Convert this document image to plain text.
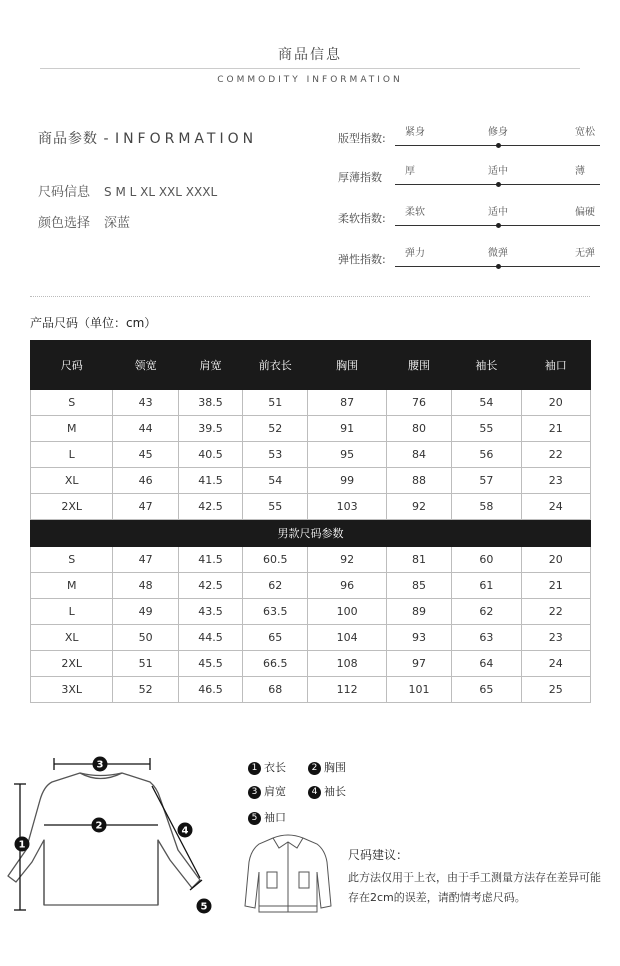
商品信息
COMMODITY INFORMATION
商品参数 - INFORMATION
尺码信息 S M L XL XXL XXXL
颜色选择 深蓝
版型指数: 紧身	修身	宽松
厚薄指数 厚	适中	薄
柔软指数: 柔软	适中	偏硬
弹性指数: 弹力	微弹	无弹
产品尺码（单位：cm）
尺码	领宽	肩宽	前衣长	胸围	腰围	袖长	袖口
S	43	38.5	51	87	76	54	20
M	44	39.5	52	91	80	55	21
L	45	40.5	53	95	84	56	22
XL	46	41.5	54	99	88	57	23
2XL	47	42.5	55	103	92	58	24
男款尺码参数							
S	47	41.5	60.5	92	81	60	20
M	48	42.5	62	96	85	61	21
L	49	43.5	63.5	100	89	62	22
XL	50	44.5	65	104	93	63	23
2XL	51	45.5	66.5	108	97	64	24
3XL	52	46.5	68	112	101	65	25
1
2
3
4
5
1 衣长	2 胸围
3 肩宽	4 袖长
5 袖口
尺码建议：
此方法仅用于上衣，由于手工测量方法存在差异可能存在2cm的误差，请酌情考虑尺码。
